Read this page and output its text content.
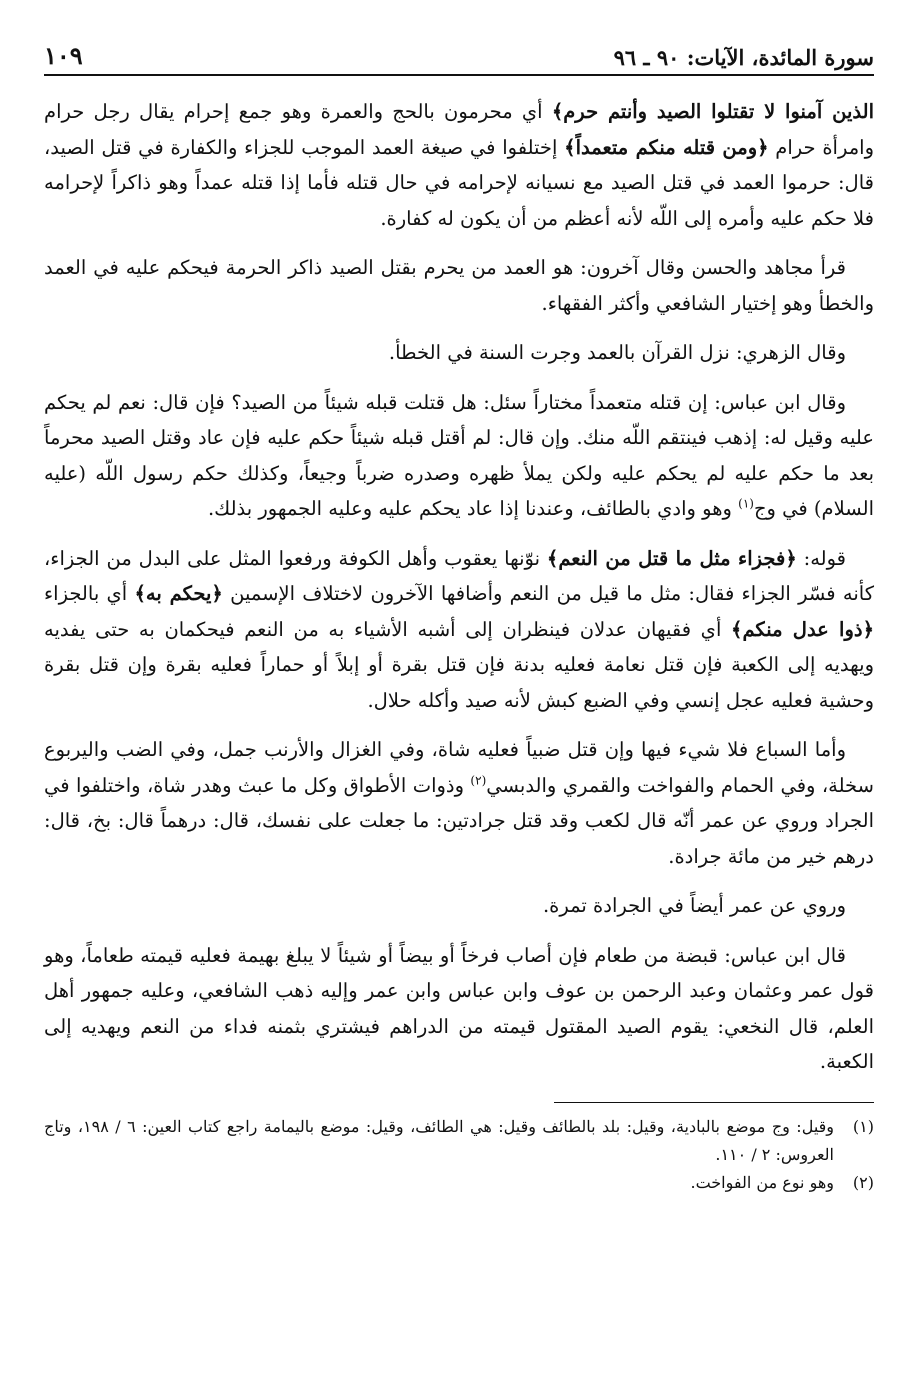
سورة المائدة، الآيات: ٩٠ ـ ٩٦
١٠٩

الذين آمنوا لا تقتلوا الصيد وأنتم حرم﴾ أي محرمون بالحج والعمرة وهو جمع إحرام يقال رجل حرام وامرأة حرام ﴿ومن قتله منكم متعمداً﴾ إختلفوا في صيغة العمد الموجب للجزاء والكفارة في قتل الصيد، قال: حرموا العمد في قتل الصيد مع نسيانه لإحرامه في حال قتله فأما إذا قتله عمداً وهو ذاكراً لإحرامه فلا حكم عليه وأمره إلى اللّه لأنه أعظم من أن يكون له كفارة.

قرأ مجاهد والحسن وقال آخرون: هو العمد من يحرم بقتل الصيد ذاكر الحرمة فيحكم عليه في العمد والخطأ وهو إختيار الشافعي وأكثر الفقهاء.

وقال الزهري: نزل القرآن بالعمد وجرت السنة في الخطأ.

وقال ابن عباس: إن قتله متعمداً مختاراً سئل: هل قتلت قبله شيئاً من الصيد؟ فإن قال: نعم لم يحكم عليه وقيل له: إذهب فينتقم اللّه منك. وإن قال: لم أقتل قبله شيئاً حكم عليه فإن عاد وقتل الصيد محرماً بعد ما حكم عليه لم يحكم عليه ولكن يملأ ظهره وصدره ضرباً وجيعاً، وكذلك حكم رسول اللّه (عليه السلام) في وج$^{(١)}$ وهو وادي بالطائف، وعندنا إذا عاد يحكم عليه وعليه الجمهور بذلك.

قوله: ﴿فجزاء مثل ما قتل من النعم﴾ نوّنها يعقوب وأهل الكوفة ورفعوا المثل على البدل من الجزاء، كأنه فسّر الجزاء فقال: مثل ما قيل من النعم وأضافها الآخرون لاختلاف الإسمين ﴿يحكم به﴾ أي بالجزاء ﴿ذوا عدل منكم﴾ أي فقيهان عدلان فينظران إلى أشبه الأشياء به من النعم فيحكمان به حتى يفديه ويهديه إلى الكعبة فإن قتل نعامة فعليه بدنة فإن قتل بقرة أو إبلاً أو حماراً فعليه بقرة وإن قتل بقرة وحشية فعليه عجل إنسي وفي الضبع كبش لأنه صيد وأكله حلال.

وأما السباع فلا شيء فيها وإن قتل ضبياً فعليه شاة، وفي الغزال والأرنب جمل، وفي الضب واليربوع سخلة، وفي الحمام والفواخت والقمري والدبسي$^{(٢)}$ وذوات الأطواق وكل ما عبث وهدر شاة، واختلفوا في الجراد وروي عن عمر أنّه قال لكعب وقد قتل جرادتين: ما جعلت على نفسك، قال: درهماً قال: بخ، قال: درهم خير من مائة جرادة.

وروي عن عمر أيضاً في الجرادة تمرة.

قال ابن عباس: قبضة من طعام فإن أصاب فرخاً أو بيضاً أو شيئاً لا يبلغ بهيمة فعليه قيمته طعاماً، وهو قول عمر وعثمان وعبد الرحمن بن عوف وابن عباس وابن عمر وإليه ذهب الشافعي، وعليه جمهور أهل العلم، قال النخعي: يقوم الصيد المقتول قيمته من الدراهم فيشتري بثمنه فداء من النعم ويهديه إلى الكعبة.

(١)
وقيل: وج موضع بالبادية، وقيل: بلد بالطائف وقيل: هي الطائف، وقيل: موضع باليمامة راجع كتاب العين: ٦ / ١٩٨، وتاج العروس: ٢ / ١١٠.
(٢)
وهو نوع من الفواخت.
